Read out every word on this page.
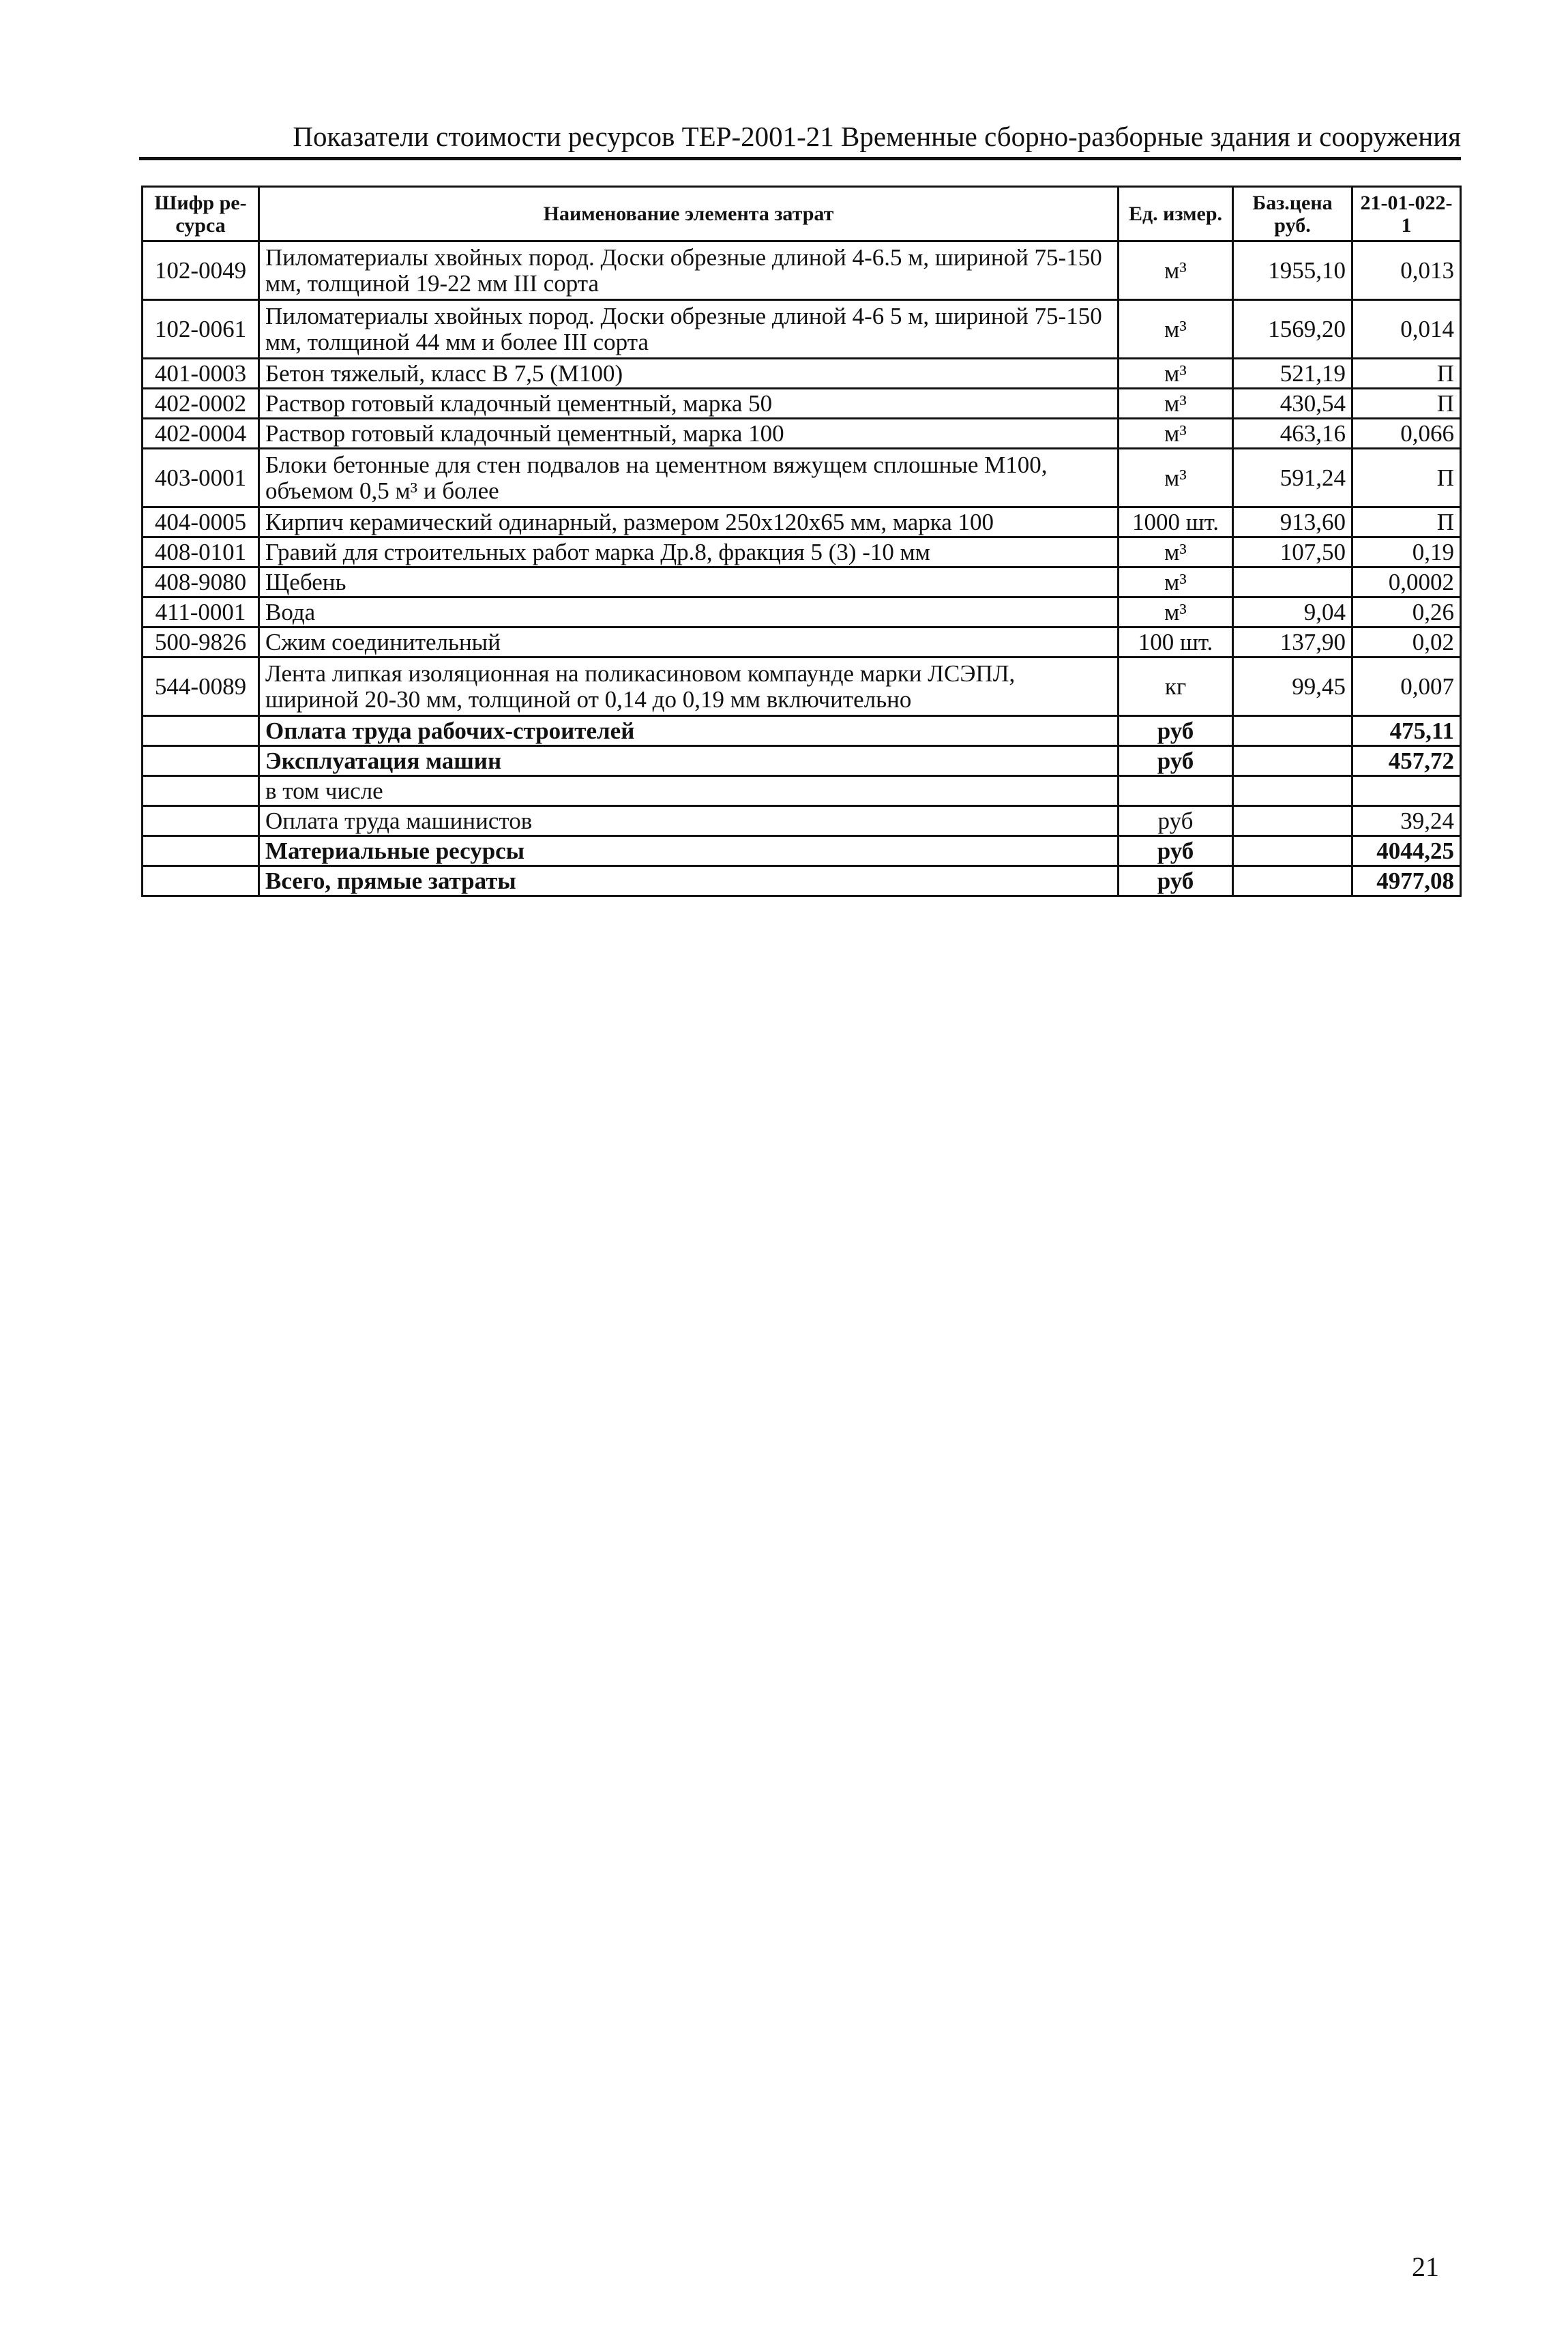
Показатели стоимости ресурсов ТЕР-2001-21 Временные сборно-разборные здания и сооружения
Шифр ре-сурса	Наименование элемента затрат	Ед. измер.	Баз.цена руб.	21-01-022-1
102-0049	Пиломатериалы хвойных пород. Доски обрезные длиной 4-6.5 м, шириной 75-150 мм, толщиной 19-22 мм III сорта	м³	1955,10	0,013
102-0061	Пиломатериалы хвойных пород. Доски обрезные длиной 4-6 5 м, шириной 75-150 мм, толщиной 44 мм и более III сорта	м³	1569,20	0,014
401-0003	Бетон тяжелый, класс В 7,5 (М100)	м³	521,19	П
402-0002	Раствор готовый кладочный цементный, марка 50	м³	430,54	П
402-0004	Раствор готовый кладочный цементный, марка 100	м³	463,16	0,066
403-0001	Блоки бетонные для стен подвалов на цементном вяжущем сплошные М100, объемом 0,5 м³ и более	м³	591,24	П
404-0005	Кирпич керамический одинарный, размером 250х120х65 мм, марка 100	1000 шт.	913,60	П
408-0101	Гравий для строительных работ марка Др.8, фракция 5 (3) -10 мм	м³	107,50	0,19
408-9080	Щебень	м³		0,0002
411-0001	Вода	м³	9,04	0,26
500-9826	Сжим соединительный	100 шт.	137,90	0,02
544-0089	Лента липкая изоляционная на поликасиновом компаунде марки ЛСЭПЛ, шириной 20-30 мм, толщиной от 0,14 до 0,19 мм включительно	кг	99,45	0,007
	Оплата труда рабочих-строителей	руб		475,11
	Эксплуатация машин	руб		457,72
	в том числе			
	Оплата труда машинистов	руб		39,24
	Материальные ресурсы	руб		4044,25
	Всего, прямые затраты	руб		4977,08
21
